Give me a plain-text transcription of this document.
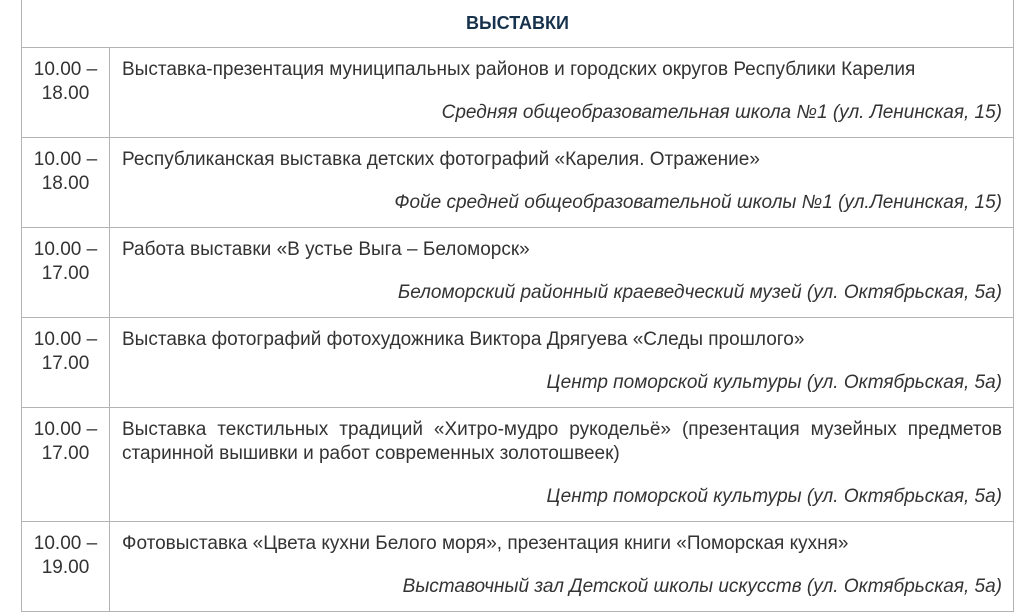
ВЫСТАВКИ	
10.00 – 18.00	Выставка-презентация муниципальных районов и городских округов Республики Карелия
Средняя общеобразовательная школа №1 (ул. Ленинская, 15)

10.00 – 18.00	Республиканская выставка детских фотографий «Карелия. Отражение»
Фойе средней общеобразовательной школы №1 (ул.Ленинская, 15)

10.00 – 17.00	Работа выставки «В устье Выга – Беломорск»
Беломорский районный краеведческий музей (ул. Октябрьская, 5а)

10.00 – 17.00	Выставка фотографий фотохудожника Виктора Дрягуева «Следы прошлого»
Центр поморской культуры (ул. Октябрьская, 5а)

10.00 – 17.00	Выставка текстильных традиций «Хитро-мудро рукодельё» (презентация музейных предметов старинной вышивки и работ современных золотошвеек)
Центр поморской культуры (ул. Октябрьская, 5а)

10.00 – 19.00	Фотовыставка «Цвета кухни Белого моря», презентация книги «Поморская кухня»
Выставочный зал Детской школы искусств (ул. Октябрьская, 5а)
